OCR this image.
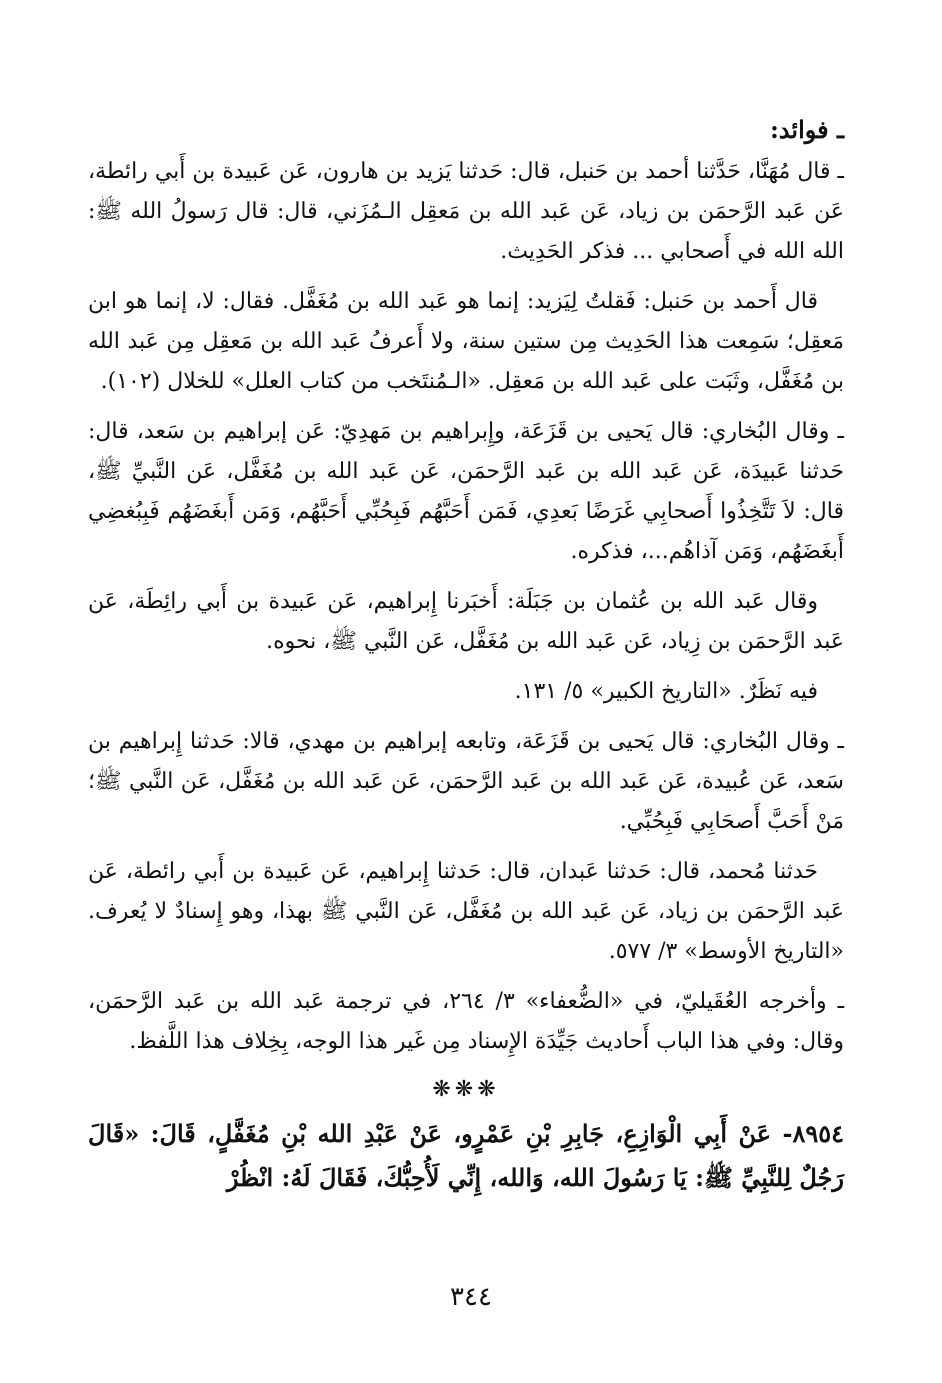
ـ فوائد:

ـ قال مُهَنَّا، حَدَّثنا أحمد بن حَنبل، قال: حَدثنا يَزيد بن هارون، عَن عَبيدة بن أَبي رائطة، عَن عَبد الرَّحمَن بن زياد، عَن عَبد الله بن مَعقِل الـمُزَني، قال: قال رَسولُ الله ﷺ: الله الله في أَصحابي ... فذكر الحَدِيث.

قال أَحمد بن حَنبل: فَقلتُ لِيَزيد: إنما هو عَبد الله بن مُغَفَّل. فقال: لا، إنما هو ابن مَعقِل؛ سَمِعت هذا الحَدِيث مِن ستين سنة، ولا أَعرفُ عَبد الله بن مَعقِل مِن عَبد الله بن مُغَفَّل، وثَبَت على عَبد الله بن مَعقِل. «الـمُنتَخب من كتاب العلل» للخلال (١٠٢).

ـ وقال البُخاري: قال يَحيى بن قَزَعَة، وإِبراهيم بن مَهدِيّ: عَن إبراهيم بن سَعد، قال: حَدثنا عَبيدَة، عَن عَبد الله بن عَبد الرَّحمَن، عَن عَبد الله بن مُغَفَّل، عَن النَّبيِّ ﷺ، قال: لاَ تَتَّخِذُوا أَصحابِي غَرَضًا بَعدِي، فَمَن أَحَبَّهُم فَبِحُبِّي أَحَبَّهُم، وَمَن أَبغَضَهُم فَبِبُغضِي أَبغَضَهُم، وَمَن آذاهُم...، فذكره.

وقال عَبد الله بن عُثمان بن جَبَلَة: أَخبَرنا إِبراهيم، عَن عَبيدة بن أَبي رائِطَة، عَن عَبد الرَّحمَن بن زِياد، عَن عَبد الله بن مُغَفَّل، عَن النَّبي ﷺ، نحوه.

فيه نَظَرٌ. «التاريخ الكبير» ٥/ ١٣١.

ـ وقال البُخاري: قال يَحيى بن قَزَعَة، وتابعه إبراهيم بن مهدي، قالا: حَدثنا إِبراهيم بن سَعد، عَن عُبيدة، عَن عَبد الله بن عَبد الرَّحمَن، عَن عَبد الله بن مُغَفَّل، عَن النَّبي ﷺ؛ مَنْ أَحَبَّ أَصحَابِي فَبِحُبِّي.

حَدثنا مُحمد، قال: حَدثنا عَبدان، قال: حَدثنا إِبراهيم، عَن عَبيدة بن أَبي رائطة، عَن عَبد الرَّحمَن بن زياد، عَن عَبد الله بن مُغَفَّل، عَن النَّبي ﷺ بهذا، وهو إِسنادٌ لا يُعرف. «التاريخ الأوسط» ٣/ ٥٧٧.

ـ وأخرجه العُقَيليّ، في «الضُّعفاء» ٣/ ٢٦٤، في ترجمة عَبد الله بن عَبد الرَّحمَن، وقال: وفي هذا الباب أَحاديث جَيِّدَة الإِسناد مِن غَير هذا الوجه، بِخِلاف هذا اللَّفظ.

❋❋❋

٨٩٥٤- عَنْ أَبِي الْوَازِعِ، جَابِرِ بْنِ عَمْرٍو، عَنْ عَبْدِ الله بْنِ مُغَفَّلٍ، قَالَ: «قَالَ رَجُلٌ لِلنَّبِيِّ ﷺ: يَا رَسُولَ الله، وَالله، إِنِّي لَأُحِبُّكَ، فَقَالَ لَهُ: انْظُرْ

٣٤٤
